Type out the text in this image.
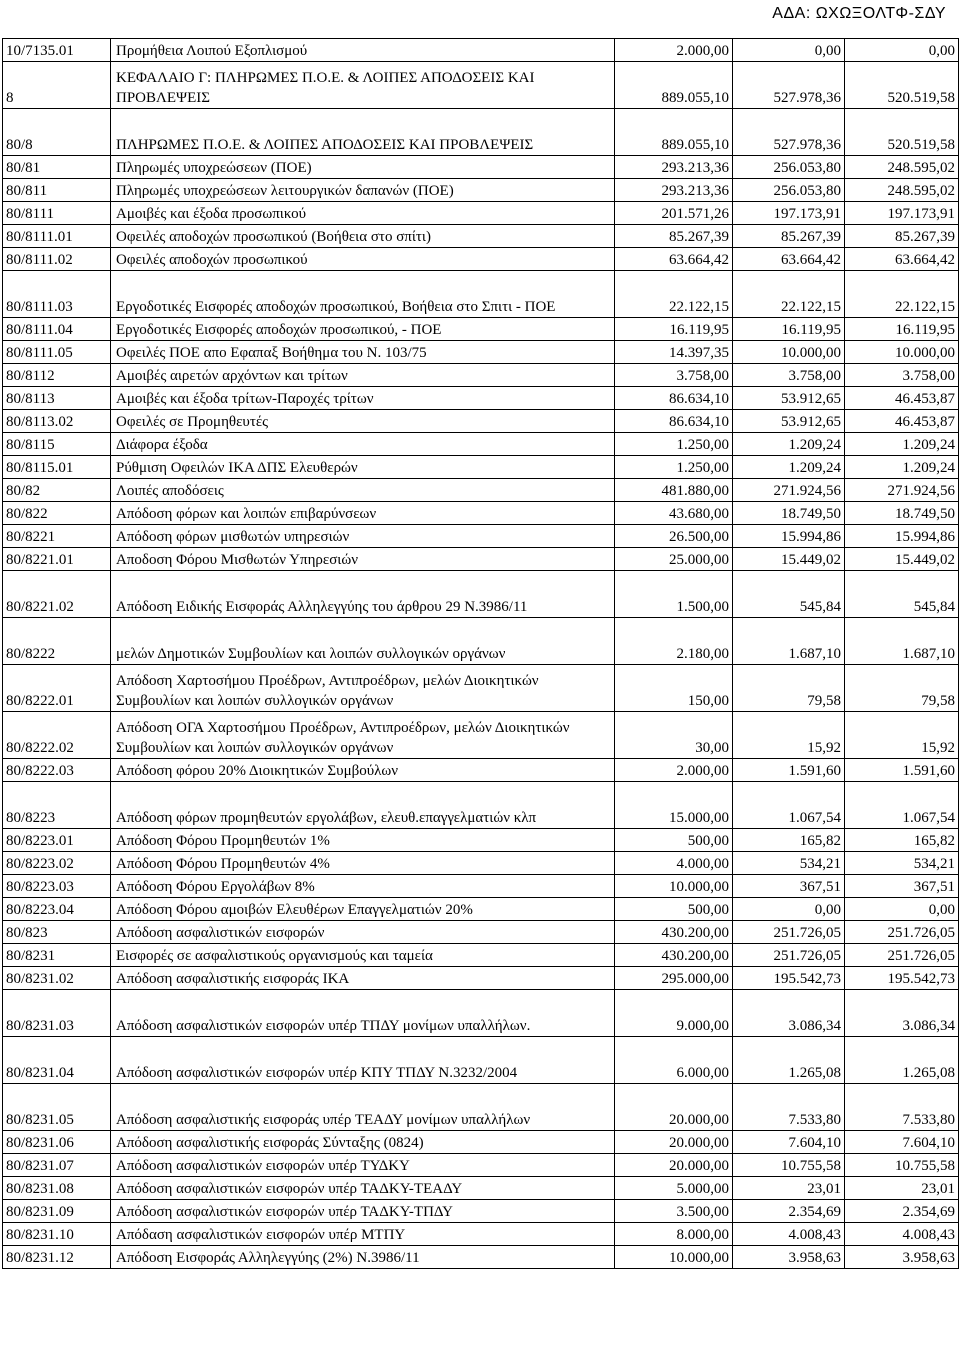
ΑΔΑ: ΩΧΩΞΟΛΤΦ-ΣΔΥ
10/7135.01	Προμήθεια Λοιπού Εξοπλισμού	2.000,00	0,00	0,00
8	ΚΕΦΑΛΑΙΟ Γ: ΠΛΗΡΩΜΕΣ Π.Ο.Ε. & ΛΟΙΠΕΣ ΑΠΟΔΟΣΕΙΣ ΚΑΙ ΠΡΟΒΛΕΨΕΙΣ	889.055,10	527.978,36	520.519,58
80/8	ΠΛΗΡΩΜΕΣ Π.Ο.Ε. & ΛΟΙΠΕΣ ΑΠΟΔΟΣΕΙΣ ΚΑΙ ΠΡΟΒΛΕΨΕΙΣ	889.055,10	527.978,36	520.519,58
80/81	Πληρωμές υποχρεώσεων (ΠΟΕ)	293.213,36	256.053,80	248.595,02
80/811	Πληρωμές υποχρεώσεων λειτουργικών δαπανών (ΠΟΕ)	293.213,36	256.053,80	248.595,02
80/8111	Αμοιβές και έξοδα προσωπικού	201.571,26	197.173,91	197.173,91
80/8111.01	Οφειλές αποδοχών προσωπικού (Βοήθεια στο σπίτι)	85.267,39	85.267,39	85.267,39
80/8111.02	Οφειλές αποδοχών προσωπικού	63.664,42	63.664,42	63.664,42
80/8111.03	Εργοδοτικές Εισφορές αποδοχών προσωπικού, Βοήθεια στο Σπιτι - ΠΟΕ	22.122,15	22.122,15	22.122,15
80/8111.04	Εργοδοτικές Εισφορές αποδοχών προσωπικού, - ΠΟΕ	16.119,95	16.119,95	16.119,95
80/8111.05	Οφειλές ΠΟΕ απο Εφαπαξ Βοήθημα του Ν. 103/75	14.397,35	10.000,00	10.000,00
80/8112	Αμοιβές αιρετών αρχόντων και τρίτων	3.758,00	3.758,00	3.758,00
80/8113	Αμοιβές και έξοδα τρίτων-Παροχές τρίτων	86.634,10	53.912,65	46.453,87
80/8113.02	Οφειλές σε Προμηθευτές	86.634,10	53.912,65	46.453,87
80/8115	Διάφορα έξοδα	1.250,00	1.209,24	1.209,24
80/8115.01	Ρύθμιση Οφειλών ΙΚΑ ΔΠΣ Ελευθερών	1.250,00	1.209,24	1.209,24
80/82	Λοιπές αποδόσεις	481.880,00	271.924,56	271.924,56
80/822	Απόδοση φόρων και λοιπών επιβαρύνσεων	43.680,00	18.749,50	18.749,50
80/8221	Απόδοση φόρων μισθωτών υπηρεσιών	26.500,00	15.994,86	15.994,86
80/8221.01	Αποδοση Φόρου Μισθωτών Υπηρεσιών	25.000,00	15.449,02	15.449,02
80/8221.02	Απόδοση Ειδικής Εισφοράς Αλληλεγγύης του άρθρου 29 Ν.3986/11	1.500,00	545,84	545,84
80/8222	μελών Δημοτικών Συμβουλίων και λοιπών συλλογικών οργάνων	2.180,00	1.687,10	1.687,10
80/8222.01	Απόδοση Χαρτοσήμου Προέδρων, Αντιπροέδρων, μελών Διοικητικών Συμβουλίων και λοιπών συλλογικών οργάνων	150,00	79,58	79,58
80/8222.02	Απόδοση ΟΓΑ Χαρτοσήμου Προέδρων, Αντιπροέδρων, μελών Διοικητικών Συμβουλίων και λοιπών συλλογικών οργάνων	30,00	15,92	15,92
80/8222.03	Απόδοση φόρου 20% Διοικητικών Συμβούλων	2.000,00	1.591,60	1.591,60
80/8223	Απόδοση φόρων προμηθευτών εργολάβων, ελευθ.επαγγελματιών κλπ	15.000,00	1.067,54	1.067,54
80/8223.01	Απόδοση Φόρου Προμηθευτών 1%	500,00	165,82	165,82
80/8223.02	Απόδοση Φόρου Προμηθευτών 4%	4.000,00	534,21	534,21
80/8223.03	Απόδοση Φόρου Εργολάβων 8%	10.000,00	367,51	367,51
80/8223.04	Απόδοση Φόρου αμοιβών Ελευθέρων Επαγγελματιών 20%	500,00	0,00	0,00
80/823	Απόδοση ασφαλιστικών εισφορών	430.200,00	251.726,05	251.726,05
80/8231	Εισφορές σε ασφαλιστικούς οργανισμούς και ταμεία	430.200,00	251.726,05	251.726,05
80/8231.02	Απόδοση ασφαλιστικής εισφοράς ΙΚΑ	295.000,00	195.542,73	195.542,73
80/8231.03	Απόδοση ασφαλιστικών εισφορών υπέρ ΤΠΔΥ μονίμων υπαλλήλων.	9.000,00	3.086,34	3.086,34
80/8231.04	Απόδοση ασφαλιστικών εισφορών υπέρ ΚΠΥ ΤΠΔΥ Ν.3232/2004	6.000,00	1.265,08	1.265,08
80/8231.05	Απόδοση ασφαλιστικής εισφοράς υπέρ ΤΕΑΔΥ μονίμων υπαλλήλων	20.000,00	7.533,80	7.533,80
80/8231.06	Απόδοση ασφαλιστικής εισφοράς Σύνταξης (0824)	20.000,00	7.604,10	7.604,10
80/8231.07	Απόδοση ασφαλιστικών εισφορών υπέρ ΤΥΔΚΥ	20.000,00	10.755,58	10.755,58
80/8231.08	Απόδοση ασφαλιστικών εισφορών υπέρ ΤΑΔΚΥ-ΤΕΑΔΥ	5.000,00	23,01	23,01
80/8231.09	Απόδοση ασφαλιστικών εισφορών υπέρ ΤΑΔΚΥ-ΤΠΔΥ	3.500,00	2.354,69	2.354,69
80/8231.10	Απόδαση ασφαλιστικών εισφορών υπέρ ΜΤΠΥ	8.000,00	4.008,43	4.008,43
80/8231.12	Απόδοση Εισφοράς Αλληλεγγύης (2%) Ν.3986/11	10.000,00	3.958,63	3.958,63
